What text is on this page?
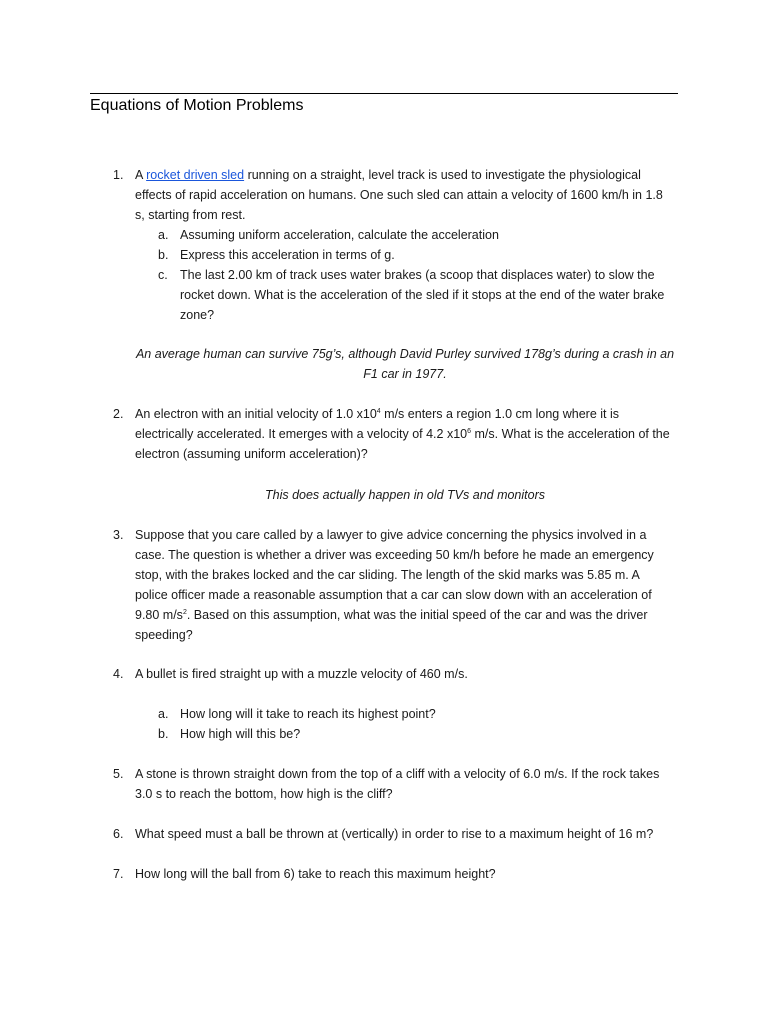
Equations of Motion Problems
1. A rocket driven sled running on a straight, level track is used to investigate the physiological effects of rapid acceleration on humans. One such sled can attain a velocity of 1600 km/h in 1.8 s, starting from rest.
a. Assuming uniform acceleration, calculate the acceleration
b. Express this acceleration in terms of g.
c. The last 2.00 km of track uses water brakes (a scoop that displaces water) to slow the rocket down. What is the acceleration of the sled if it stops at the end of the water brake zone?
An average human can survive 75g’s, although David Purley survived 178g’s during a crash in an F1 car in 1977.
2. An electron with an initial velocity of 1.0 $x10^4$ m/s enters a region 1.0 cm long where it is electrically accelerated. It emerges with a velocity of 4.2 $x10^6$ m/s. What is the acceleration of the electron (assuming uniform acceleration)?
This does actually happen in old TVs and monitors
3. Suppose that you care called by a lawyer to give advice concerning the physics involved in a case. The question is whether a driver was exceeding 50 km/h before he made an emergency stop, with the brakes locked and the car sliding. The length of the skid marks was 5.85 m. A police officer made a reasonable assumption that a car can slow down with an acceleration of 9.80 $m/s^2$. Based on this assumption, what was the initial speed of the car and was the driver speeding?
4. A bullet is fired straight up with a muzzle velocity of 460 m/s.
a. How long will it take to reach its highest point?
b. How high will this be?
5. A stone is thrown straight down from the top of a cliff with a velocity of 6.0 m/s. If the rock takes 3.0 s to reach the bottom, how high is the cliff?
6. What speed must a ball be thrown at (vertically) in order to rise to a maximum height of 16 m?
7. How long will the ball from 6) take to reach this maximum height?
